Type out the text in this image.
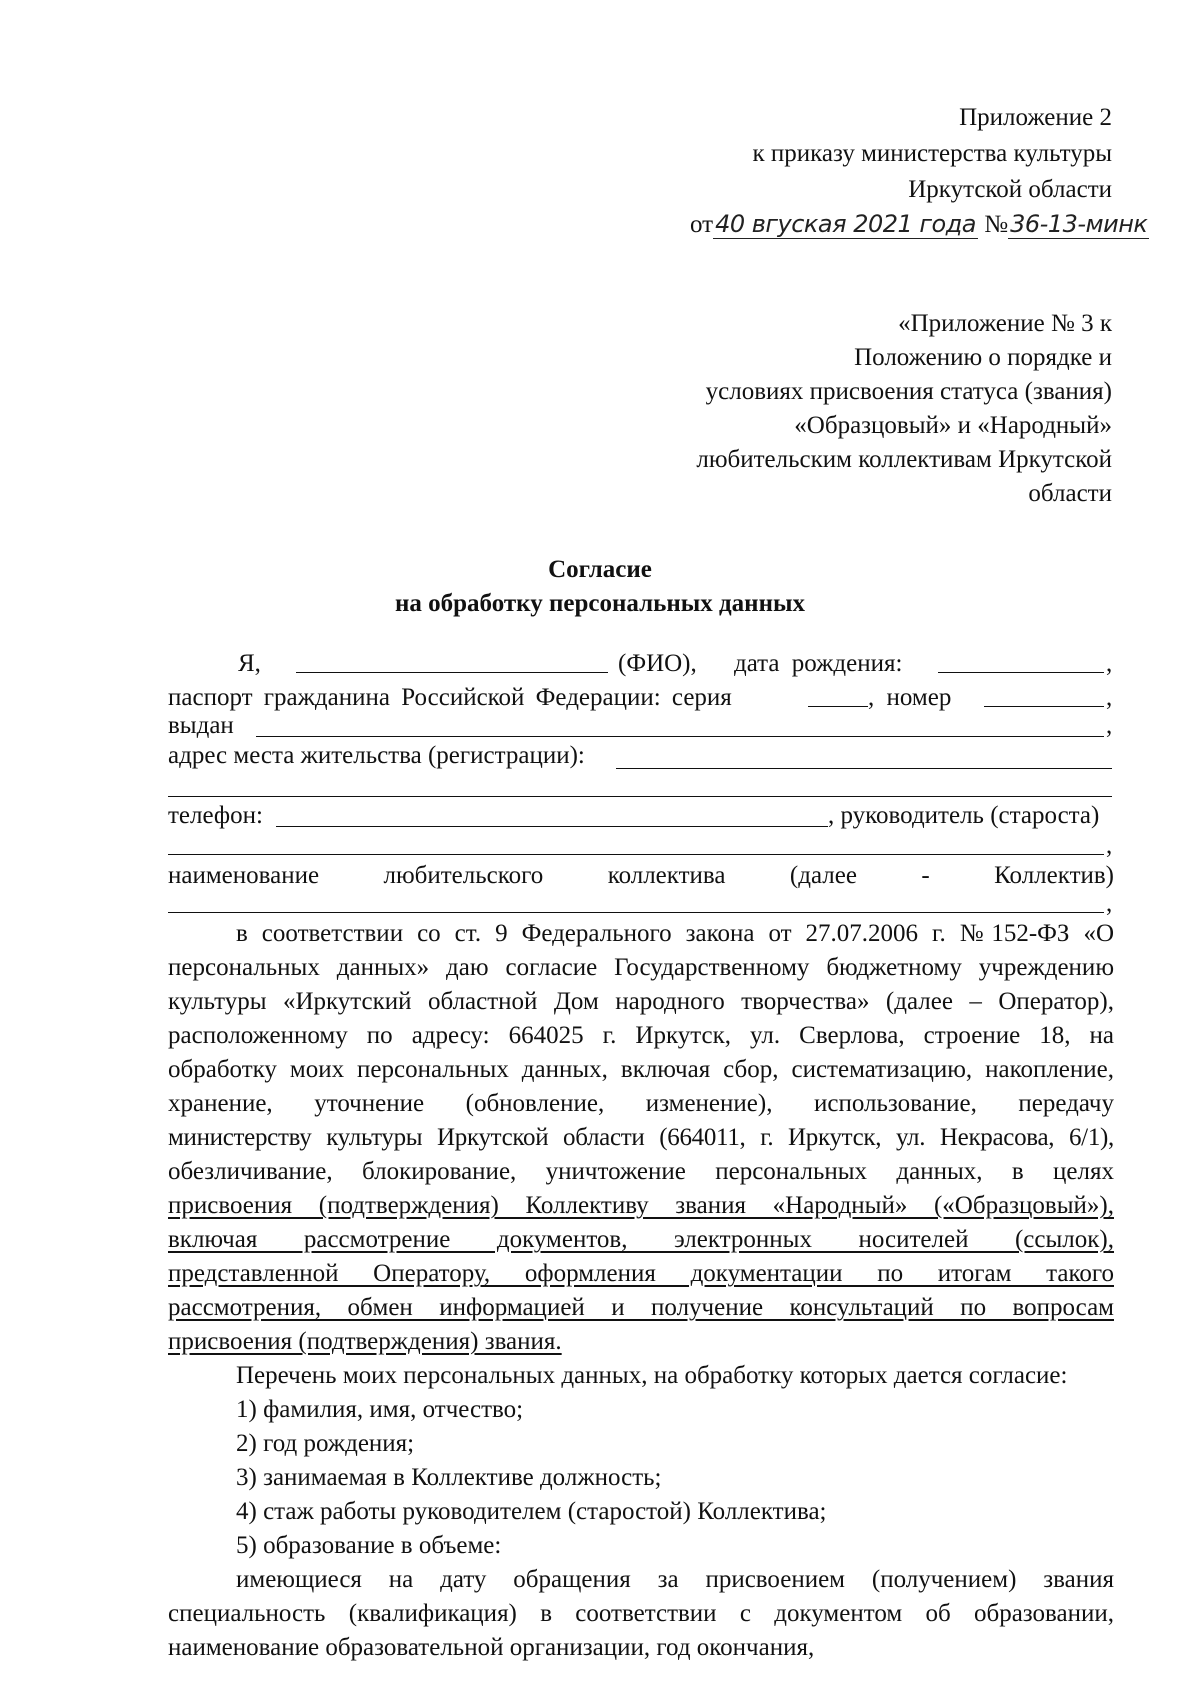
Приложение 2
к приказу министерства культуры
Иркутской области
от40 вгуская 2021 года №36-13-минк
«Приложение № 3 к
Положению о порядке и
условиях присвоения статуса (звания)
«Образцовый» и «Народный»
любительским коллективам Иркутской
области
Согласие
на обработку персональных данных
Я,	(ФИО), дата рождения:	,
паспорт гражданина Российской Федерации: серия	, номер	,
выдан	,
адрес места жительства (регистрации):
телефон:	, руководитель (староста)
,
наименование	любительского	коллектива	(далее	-	Коллектив)
,
в соответствии со ст. 9 Федерального закона от 27.07.2006 г. №152-ФЗ «О
персональных данных» даю согласие Государственному бюджетному учреждению
культуры «Иркутский областной Дом народного творчества» (далее – Оператор),
расположенному по адресу: 664025 г. Иркутск, ул. Сверлова, строение 18, на
обработку моих персональных данных, включая сбор, систематизацию, накопление,
хранение, уточнение (обновление, изменение), использование, передачу
министерству культуры Иркутской области (664011, г. Иркутск, ул. Некрасова, 6/1),
обезличивание, блокирование, уничтожение персональных данных, в целях
присвоения (подтверждения) Коллективу звания «Народный» («Образцовый»),
включая рассмотрение документов, электронных носителей (ссылок),
представленной Оператору, оформления документации по итогам такого
рассмотрения, обмен информацией и получение консультаций по вопросам
присвоения (подтверждения) звания.
Перечень моих персональных данных, на обработку которых дается согласие:
1) фамилия, имя, отчество;
2) год рождения;
3) занимаемая в Коллективе должность;
4) стаж работы руководителем (старостой) Коллектива;
5) образование в объеме:
имеющиеся на дату обращения за присвоением (получением) звания
специальность (квалификация) в соответствии с документом об образовании,
наименование образовательной организации, год окончания,
